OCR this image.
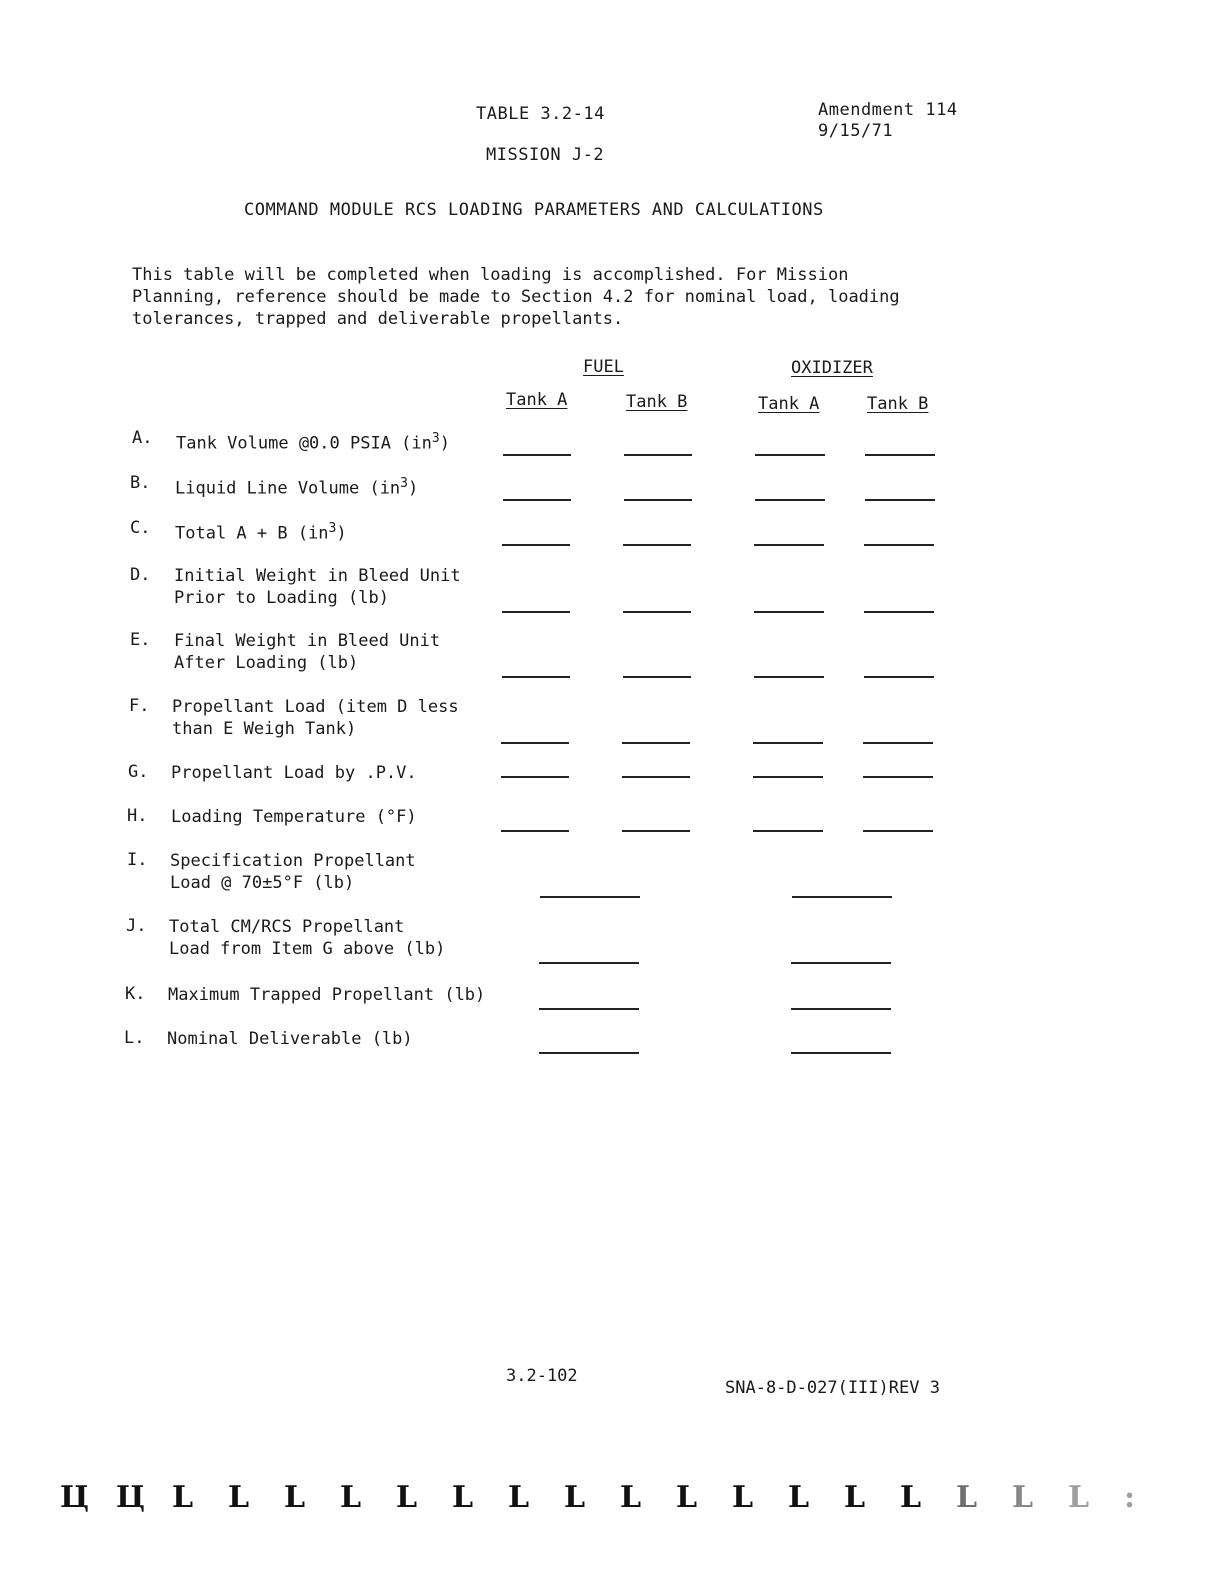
TABLE 3.2-14	Amendment 114
9/15/71
MISSION J-2
COMMAND MODULE RCS LOADING PARAMETERS AND CALCULATIONS
This table will be completed when loading is accomplished. For Mission
Planning, reference should be made to Section 4.2 for nominal load, loading
tolerances, trapped and deliverable propellants.
FUEL	OXIDIZER
Tank A	Tank B	Tank A	Tank B
A. Tank Volume @0.0 PSIA $(in^3)$
B. Liquid Line Volume $(in^3)$
C. Total A + B $(in^3)$
D. Initial Weight in Bleed Unit
Prior to Loading (lb)
E. Final Weight in Bleed Unit
After Loading (lb)
F. Propellant Load (item D less
than E Weigh Tank)
G. Propellant Load by .P.V.
H. Loading Temperature (°F)
I. Specification Propellant
Load @ 70±5°F (lb)
J. Total CM/RCS Propellant
Load from Item G above (lb)
K. Maximum Trapped Propellant (lb)
L. Nominal Deliverable (lb)
3.2-102
SNA-8-D-027(III)REV 3
Ц Ц L L L L L L L L L L L L L L L L L :
